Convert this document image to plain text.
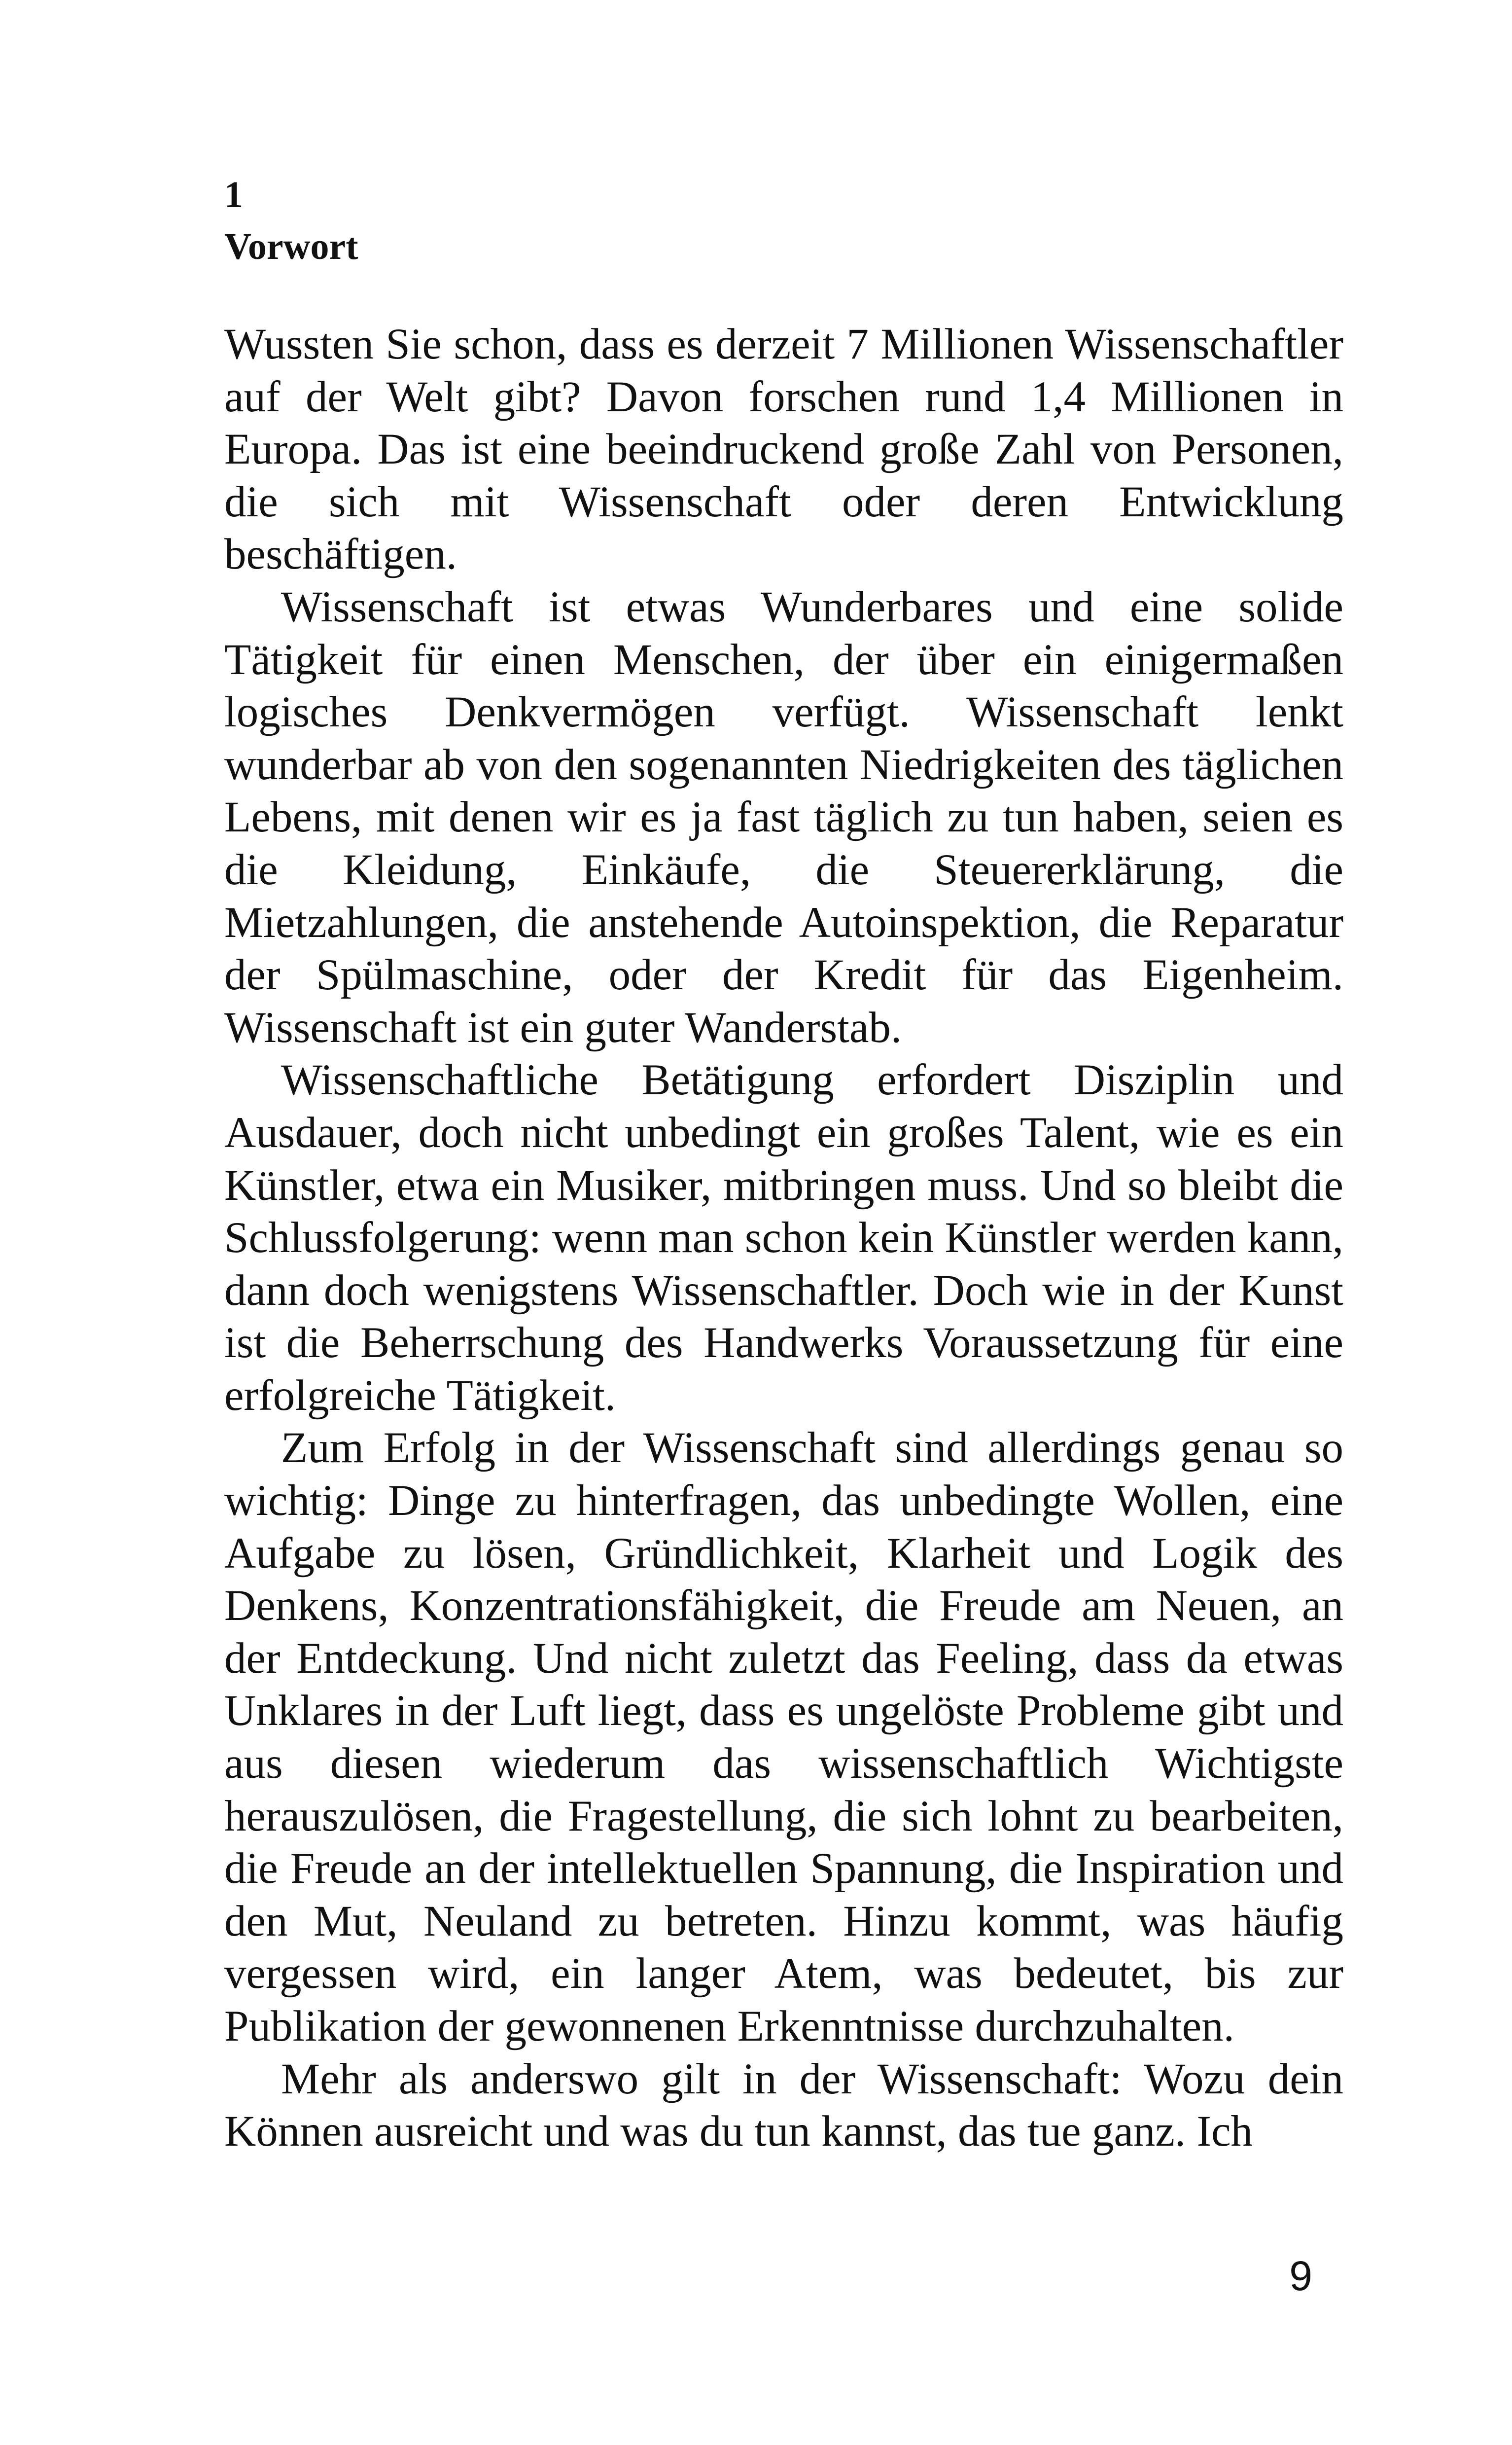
1
Vorwort

Wussten Sie schon, dass es derzeit 7 Millionen Wissenschaftler auf der Welt gibt? Davon forschen rund 1,4 Millionen in Europa. Das ist eine beeindruckend große Zahl von Personen, die sich mit Wissenschaft oder deren Entwicklung beschäftigen.

Wissenschaft ist etwas Wunderbares und eine solide Tätigkeit für einen Menschen, der über ein einigermaßen logisches Denkvermögen verfügt. Wissenschaft lenkt wunderbar ab von den sogenannten Niedrigkeiten des täglichen Lebens, mit denen wir es ja fast täglich zu tun haben, seien es die Kleidung, Einkäufe, die Steuererklärung, die Mietzahlungen, die anstehende Autoinspektion, die Reparatur der Spülmaschine, oder der Kredit für das Eigenheim. Wissenschaft ist ein guter Wanderstab.

Wissenschaftliche Betätigung erfordert Disziplin und Ausdauer, doch nicht unbedingt ein großes Talent, wie es ein Künstler, etwa ein Musiker, mitbringen muss. Und so bleibt die Schlussfolgerung: wenn man schon kein Künstler werden kann, dann doch wenigstens Wissenschaftler. Doch wie in der Kunst ist die Beherrschung des Handwerks Voraussetzung für eine erfolgreiche Tätigkeit.

Zum Erfolg in der Wissenschaft sind allerdings genau so wichtig: Dinge zu hinterfragen, das unbedingte Wollen, eine Aufgabe zu lösen, Gründlichkeit, Klarheit und Logik des Denkens, Konzentrationsfähigkeit, die Freude am Neuen, an der Entdeckung. Und nicht zuletzt das Feeling, dass da etwas Unklares in der Luft liegt, dass es ungelöste Probleme gibt und aus diesen wiederum das wissenschaftlich Wichtigste herauszulösen, die Fragestellung, die sich lohnt zu bearbeiten, die Freude an der intellektuellen Spannung, die Inspiration und den Mut, Neuland zu betreten. Hinzu kommt, was häufig vergessen wird, ein langer Atem, was bedeutet, bis zur Publikation der gewonnenen Erkenntnisse durchzuhalten.

Mehr als anderswo gilt in der Wissenschaft: Wozu dein Können ausreicht und was du tun kannst, das tue ganz. Ich

9
